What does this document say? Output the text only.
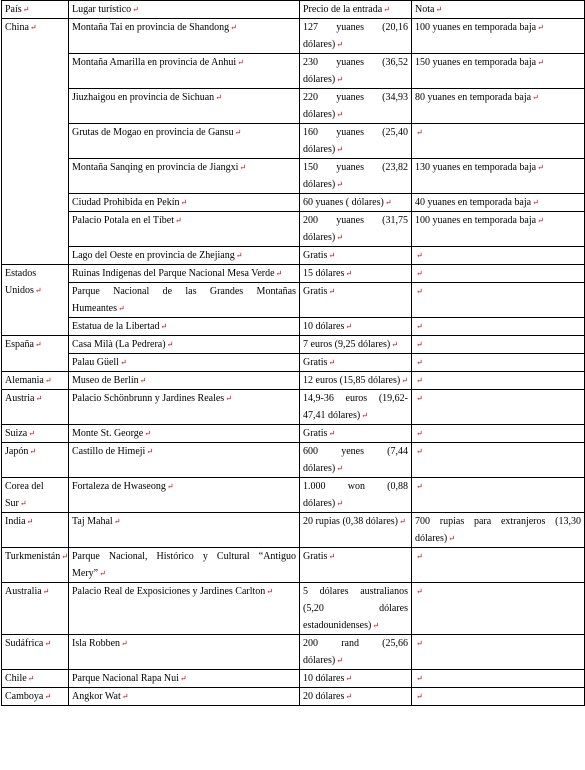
País↵	Lugar turístico↵	Precio de la entrada↵	Nota↵
China↵	Montaña Tai en provincia de Shandong↵	127 yuanes (20,16 dólares)↵	100 yuanes en temporada baja↵
	Montaña Amarilla en provincia de Anhui↵	230 yuanes (36,52 dólares)↵	150 yuanes en temporada baja↵
	Jiuzhaigou en provincia de Sichuan↵	220 yuanes (34,93 dólares)↵	80 yuanes en temporada baja↵
	Grutas de Mogao en provincia de Gansu↵	160 yuanes (25,40 dólares)↵	↵
	Montaña Sanqing en provincia de Jiangxi↵	150 yuanes (23,82 dólares)↵	130 yuanes en temporada baja↵
	Ciudad Prohibida en Pekín↵	60 yuanes ( dólares)↵	40 yuanes en temporada baja↵
	Palacio Potala en el Tíbet↵	200 yuanes (31,75 dólares)↵	100 yuanes en temporada baja↵
	Lago del Oeste en provincia de Zhejiang↵	Gratis↵	↵
Estados Unidos↵	Ruinas Indígenas del Parque Nacional Mesa Verde↵	15 dólares↵	↵
	Parque Nacional de las Grandes Montañas Humeantes↵	Gratis↵	↵
	Estatua de la Libertad↵	10 dólares↵	↵
España↵	Casa Milà (La Pedrera)↵	7 euros (9,25 dólares)↵	↵
	Palau Güell↵	Gratis↵	↵
Alemania↵	Museo de Berlín↵	12 euros (15,85 dólares)↵	↵
Austria↵	Palacio Schönbrunn y Jardines Reales↵	14,9-36 euros (19,62-47,41 dólares)↵	↵
Suiza↵	Monte St. George↵	Gratis↵	↵
Japón↵	Castillo de Himeji↵	600 yenes (7,44 dólares)↵	↵
Corea del Sur↵	Fortaleza de Hwaseong↵	1.000 won (0,88 dólares)↵	↵
India↵	Taj Mahal↵	20 rupias (0,38 dólares)↵	700 rupias para extranjeros (13,30 dólares)↵
Turkmenistán↵	Parque Nacional, Histórico y Cultural “Antiguo Mery”↵	Gratis↵	↵
Australia↵	Palacio Real de Exposiciones y Jardines Carlton↵	5 dólares australianos (5,20 dólares estadounidenses)↵	↵
Sudáfrica↵	Isla Robben↵	200 rand (25,66 dólares)↵	↵
Chile↵	Parque Nacional Rapa Nui↵	10 dólares↵	↵
Camboya↵	Angkor Wat↵	20 dólares↵	↵
